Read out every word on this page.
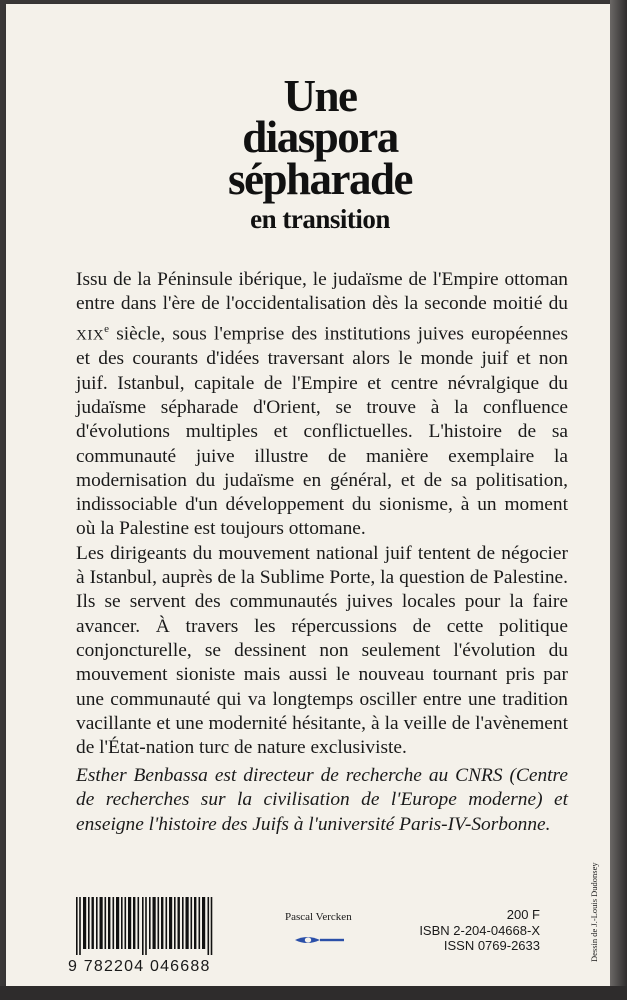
Une
diaspora
sépharade
en transition

Issu de la Péninsule ibérique, le judaïsme de l'Empire ottoman entre dans l'ère de l'occidentalisation dès la seconde moitié du XIXe siècle, sous l'emprise des institutions juives européennes et des courants d'idées traversant alors le monde juif et non juif. Istanbul, capitale de l'Empire et centre névralgique du judaïsme sépharade d'Orient, se trouve à la confluence d'évolutions multiples et conflictuelles. L'histoire de sa communauté juive illustre de manière exemplaire la modernisation du judaïsme en général, et de sa politisation, indissociable d'un développement du sionisme, à un moment où la Palestine est toujours ottomane.

Les dirigeants du mouvement national juif tentent de négocier à Istanbul, auprès de la Sublime Porte, la question de Palestine. Ils se servent des communautés juives locales pour la faire avancer. À travers les répercussions de cette politique conjoncturelle, se dessinent non seulement l'évolution du mouvement sioniste mais aussi le nouveau tournant pris par une communauté qui va longtemps osciller entre une tradition vacillante et une modernité hésitante, à la veille de l'avènement de l'État-nation turc de nature exclusiviste.

Esther Benbassa est directeur de recherche au CNRS (Centre de recherches sur la civilisation de l'Europe moderne) et enseigne l'histoire des Juifs à l'université Paris-IV-Sorbonne.
9 782204 046688
Pascal Vercken	200 F
ISBN 2-204-04668-X
ISSN 0769-2633	Dessin de J.-Louis Dudonsey
